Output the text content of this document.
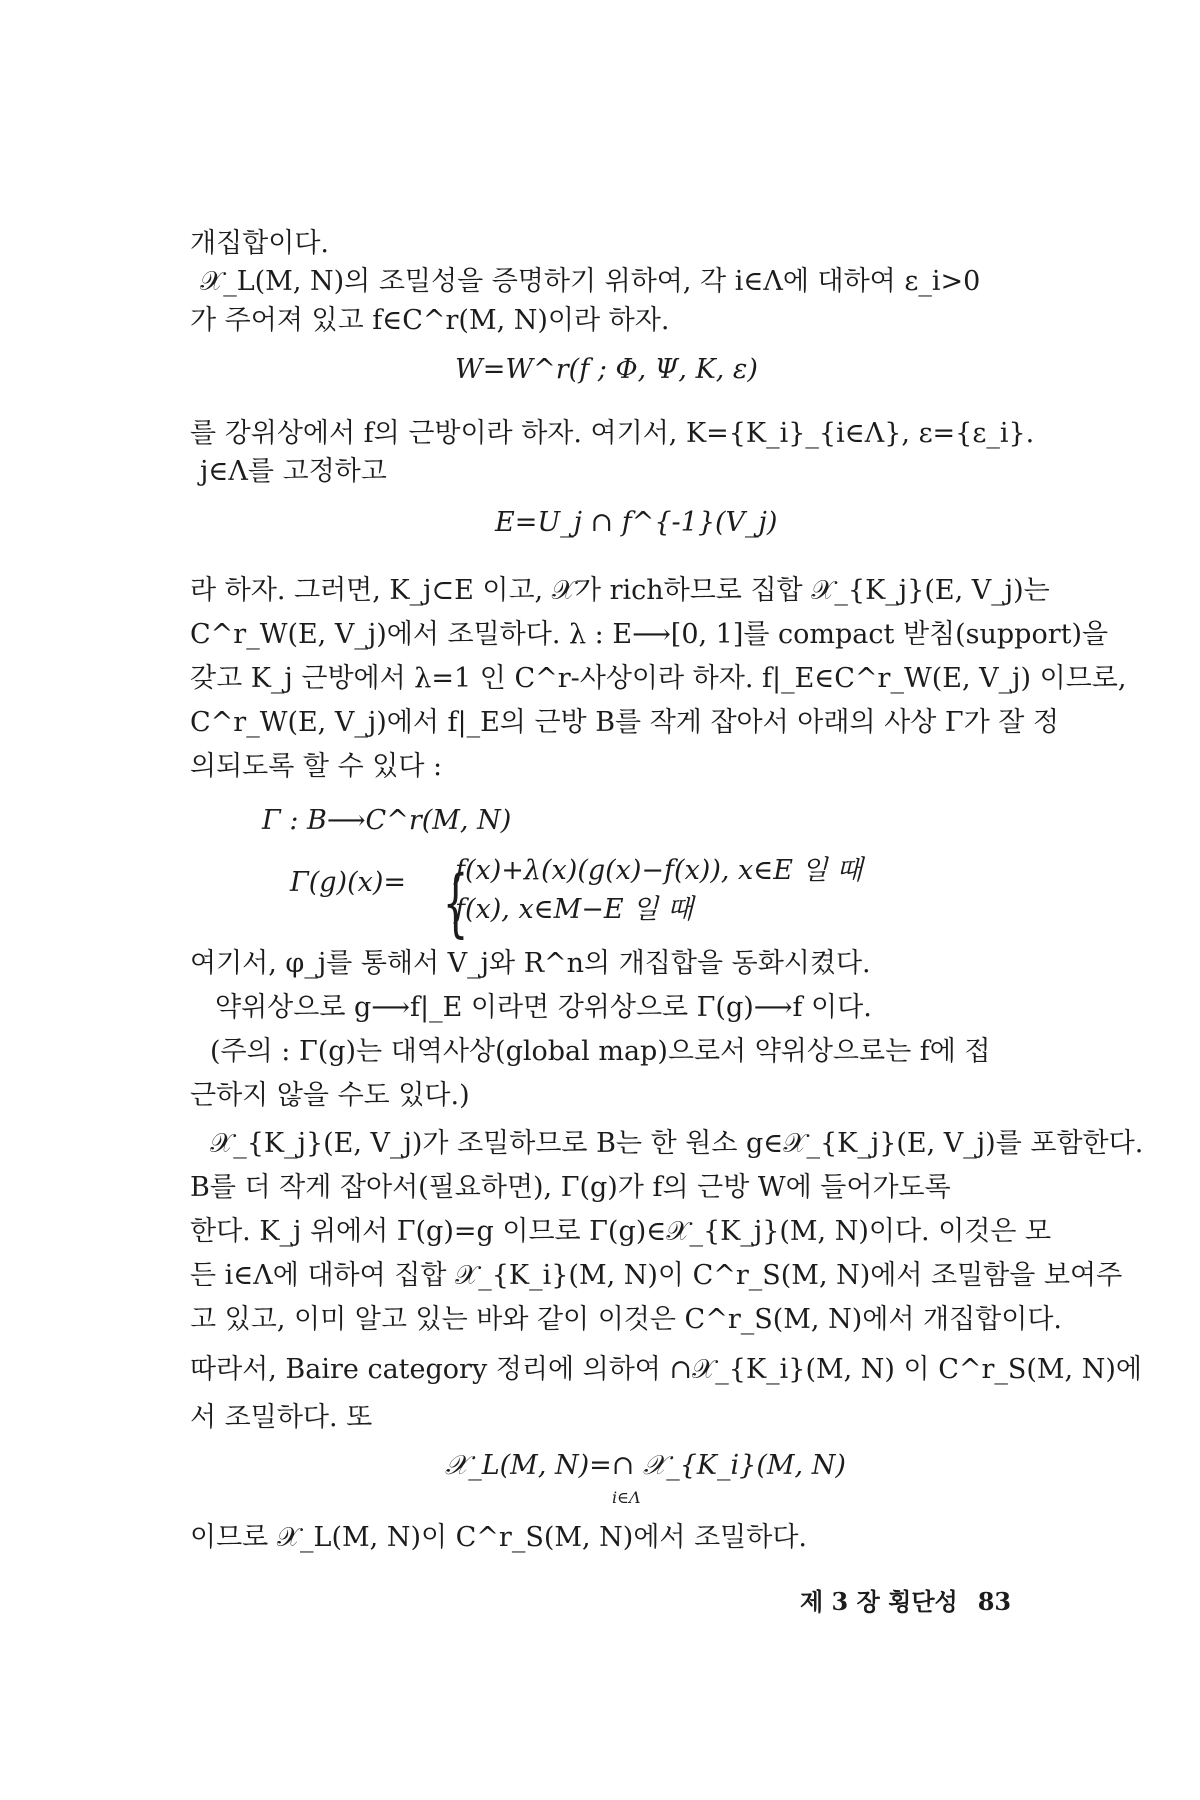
개집합이다.

𝒳_L(M, N)의 조밀성을 증명하기 위하여, 각 i∈Λ에 대하여 ε_i>0

가 주어져 있고 f∈C^r(M, N)이라 하자.

W=W^r(f ; Φ, Ψ, K, ε)

를 강위상에서 f의 근방이라 하자. 여기서, K={K_i}_{i∈Λ}, ε={ε_i}.

j∈Λ를 고정하고

E=U_j ∩ f^{-1}(V_j)

라 하자. 그러면, K_j⊂E 이고, 𝒳가 rich하므로 집합 𝒳_{K_j}(E, V_j)는

C^r_W(E, V_j)에서 조밀하다. λ : E⟶[0, 1]를 compact 받침(support)을

갖고 K_j 근방에서 λ=1 인 C^r-사상이라 하자. f|_E∈C^r_W(E, V_j) 이므로,

C^r_W(E, V_j)에서 f|_E의 근방 B를 작게 잡아서 아래의 사상 Γ가 잘 정

의되도록 할 수 있다 :

Γ : B⟶C^r(M, N)

Γ(g)(x)= {

f(x)+λ(x)(g(x)−f(x)), x∈E 일 때

f(x), x∈M−E 일 때

여기서, φ_j를 통해서 V_j와 R^n의 개집합을 동화시켰다.

약위상으로 g⟶f|_E 이라면 강위상으로 Γ(g)⟶f 이다.

(주의 : Γ(g)는 대역사상(global map)으로서 약위상으로는 f에 접

근하지 않을 수도 있다.)

𝒳_{K_j}(E, V_j)가 조밀하므로 B는 한 원소 g∈𝒳_{K_j}(E, V_j)를 포함한다.

B를 더 작게 잡아서(필요하면), Γ(g)가 f의 근방 W에 들어가도록

한다. K_j 위에서 Γ(g)=g 이므로 Γ(g)∈𝒳_{K_j}(M, N)이다. 이것은 모

든 i∈Λ에 대하여 집합 𝒳_{K_i}(M, N)이 C^r_S(M, N)에서 조밀함을 보여주

고 있고, 이미 알고 있는 바와 같이 이것은 C^r_S(M, N)에서 개집합이다.

따라서, Baire category 정리에 의하여 ∩𝒳_{K_i}(M, N) 이 C^r_S(M, N)에

서 조밀하다. 또

𝒳_L(M, N)=∩ 𝒳_{K_i}(M, N)

i∈Λ

이므로 𝒳_L(M, N)이 C^r_S(M, N)에서 조밀하다.

제 3 장 횡단성 83
